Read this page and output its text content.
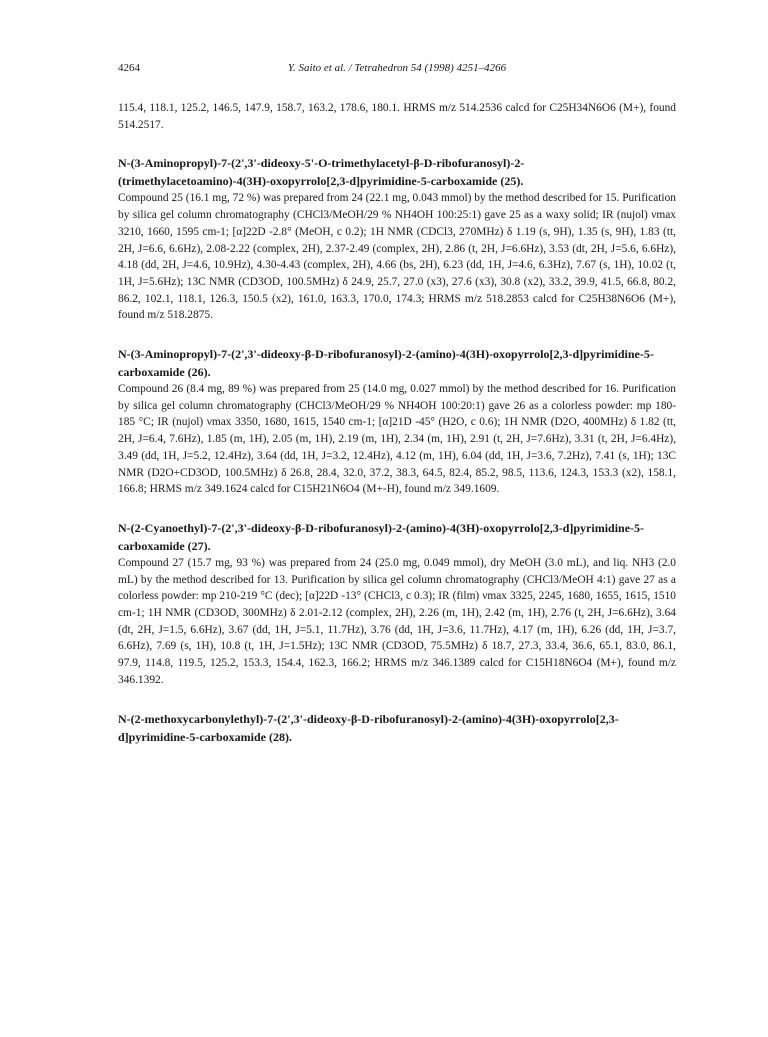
4264	Y. Saito et al. / Tetrahedron 54 (1998) 4251–4266

115.4, 118.1, 125.2, 146.5, 147.9, 158.7, 163.2, 178.6, 180.1. HRMS m/z 514.2536 calcd for C25H34N6O6 (M+), found 514.2517.

N-(3-Aminopropyl)-7-(2',3'-dideoxy-5'-O-trimethylacetyl-β-D-ribofuranosyl)-2-(trimethylacetoamino)-4(3H)-oxopyrrolo[2,3-d]pyrimidine-5-carboxamide (25).

Compound 25 (16.1 mg, 72 %) was prepared from 24 (22.1 mg, 0.043 mmol) by the method described for 15. Purification by silica gel column chromatography (CHCl3/MeOH/29 % NH4OH 100:25:1) gave 25 as a waxy solid; IR (nujol) νmax 3210, 1660, 1595 cm-1; [α]22D -2.8° (MeOH, c 0.2); 1H NMR (CDCl3, 270MHz) δ 1.19 (s, 9H), 1.35 (s, 9H), 1.83 (tt, 2H, J=6.6, 6.6Hz), 2.08-2.22 (complex, 2H), 2.37-2.49 (complex, 2H), 2.86 (t, 2H, J=6.6Hz), 3.53 (dt, 2H, J=5.6, 6.6Hz), 4.18 (dd, 2H, J=4.6, 10.9Hz), 4.30-4.43 (complex, 2H), 4.66 (bs, 2H), 6.23 (dd, 1H, J=4.6, 6.3Hz), 7.67 (s, 1H), 10.02 (t, 1H, J=5.6Hz); 13C NMR (CD3OD, 100.5MHz) δ 24.9, 25.7, 27.0 (x3), 27.6 (x3), 30.8 (x2), 33.2, 39.9, 41.5, 66.8, 80.2, 86.2, 102.1, 118.1, 126.3, 150.5 (x2), 161.0, 163.3, 170.0, 174.3; HRMS m/z 518.2853 calcd for C25H38N6O6 (M+), found m/z 518.2875.

N-(3-Aminopropyl)-7-(2',3'-dideoxy-β-D-ribofuranosyl)-2-(amino)-4(3H)-oxopyrrolo[2,3-d]pyrimidine-5-carboxamide (26).

Compound 26 (8.4 mg, 89 %) was prepared from 25 (14.0 mg, 0.027 mmol) by the method described for 16. Purification by silica gel column chromatography (CHCl3/MeOH/29 % NH4OH 100:20:1) gave 26 as a colorless powder: mp 180-185 °C; IR (nujol) νmax 3350, 1680, 1615, 1540 cm-1; [α]21D -45° (H2O, c 0.6); 1H NMR (D2O, 400MHz) δ 1.82 (tt, 2H, J=6.4, 7.6Hz), 1.85 (m, 1H), 2.05 (m, 1H), 2.19 (m, 1H), 2.34 (m, 1H), 2.91 (t, 2H, J=7.6Hz), 3.31 (t, 2H, J=6.4Hz), 3.49 (dd, 1H, J=5.2, 12.4Hz), 3.64 (dd, 1H, J=3.2, 12.4Hz), 4.12 (m, 1H), 6.04 (dd, 1H, J=3.6, 7.2Hz), 7.41 (s, 1H); 13C NMR (D2O+CD3OD, 100.5MHz) δ 26.8, 28.4, 32.0, 37.2, 38.3, 64.5, 82.4, 85.2, 98.5, 113.6, 124.3, 153.3 (x2), 158.1, 166.8; HRMS m/z 349.1624 calcd for C15H21N6O4 (M+-H), found m/z 349.1609.

N-(2-Cyanoethyl)-7-(2',3'-dideoxy-β-D-ribofuranosyl)-2-(amino)-4(3H)-oxopyrrolo[2,3-d]pyrimidine-5-carboxamide (27).

Compound 27 (15.7 mg, 93 %) was prepared from 24 (25.0 mg, 0.049 mmol), dry MeOH (3.0 mL), and liq. NH3 (2.0 mL) by the method described for 13. Purification by silica gel column chromatography (CHCl3/MeOH 4:1) gave 27 as a colorless powder: mp 210-219 °C (dec); [α]22D -13° (CHCl3, c 0.3); IR (film) νmax 3325, 2245, 1680, 1655, 1615, 1510 cm-1; 1H NMR (CD3OD, 300MHz) δ 2.01-2.12 (complex, 2H), 2.26 (m, 1H), 2.42 (m, 1H), 2.76 (t, 2H, J=6.6Hz), 3.64 (dt, 2H, J=1.5, 6.6Hz), 3.67 (dd, 1H, J=5.1, 11.7Hz), 3.76 (dd, 1H, J=3.6, 11.7Hz), 4.17 (m, 1H), 6.26 (dd, 1H, J=3.7, 6.6Hz), 7.69 (s, 1H), 10.8 (t, 1H, J=1.5Hz); 13C NMR (CD3OD, 75.5MHz) δ 18.7, 27.3, 33.4, 36.6, 65.1, 83.0, 86.1, 97.9, 114.8, 119.5, 125.2, 153.3, 154.4, 162.3, 166.2; HRMS m/z 346.1389 calcd for C15H18N6O4 (M+), found m/z 346.1392.

N-(2-methoxycarbonylethyl)-7-(2',3'-dideoxy-β-D-ribofuranosyl)-2-(amino)-4(3H)-oxopyrrolo[2,3-d]pyrimidine-5-carboxamide (28).
